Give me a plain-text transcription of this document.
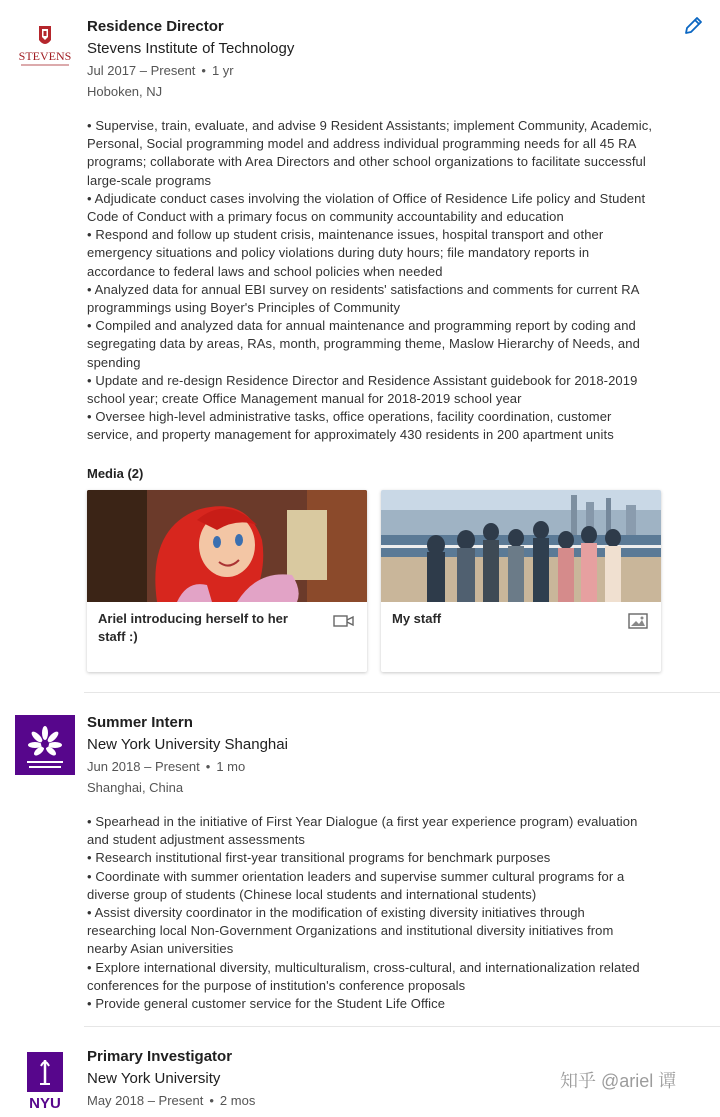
STEVENS
Residence Director
Stevens Institute of Technology
Jul 2017 – Present • 1 yr
Hoboken, NJ
• Supervise, train, evaluate, and advise 9 Resident Assistants; implement Community, Academic, Personal, Social programming model and address individual programming needs for all 45 RA programs; collaborate with Area Directors and other school organizations to facilitate successful large-scale programs
• Adjudicate conduct cases involving the violation of Office of Residence Life policy and Student Code of Conduct with a primary focus on community accountability and education
• Respond and follow up student crisis, maintenance issues, hospital transport and other emergency situations and policy violations during duty hours; file mandatory reports in accordance to federal laws and school policies when needed
• Analyzed data for annual EBI survey on residents' satisfactions and comments for current RA programmings using Boyer's Principles of Community
• Compiled and analyzed data for annual maintenance and programming report by coding and segregating data by areas, RAs, month, programming theme, Maslow Hierarchy of Needs, and spending
• Update and re-design Residence Director and Residence Assistant guidebook for 2018-2019 school year; create Office Management manual for 2018-2019 school year
• Oversee high-level administrative tasks, office operations, facility coordination, customer service, and property management for approximately 430 residents in 200 apartment units
Media (2)
Ariel introducing herself to her staff :)
My staff
Summer Intern
New York University Shanghai
Jun 2018 – Present • 1 mo
Shanghai, China
• Spearhead in the initiative of First Year Dialogue (a first year experience program) evaluation and student adjustment assessments
• Research institutional first-year transitional programs for benchmark purposes
• Coordinate with summer orientation leaders and supervise summer cultural programs for a diverse group of students (Chinese local students and international students)
• Assist diversity coordinator in the modification of existing diversity initiatives through researching local Non-Government Organizations and institutional diversity initiatives from nearby Asian universities
• Explore international diversity, multiculturalism, cross-cultural, and internationalization related conferences for the purpose of institution's conference proposals
• Provide general customer service for the Student Life Office
NYU
Primary Investigator
New York University
May 2018 – Present • 2 mos
知乎 @ariel 谭
